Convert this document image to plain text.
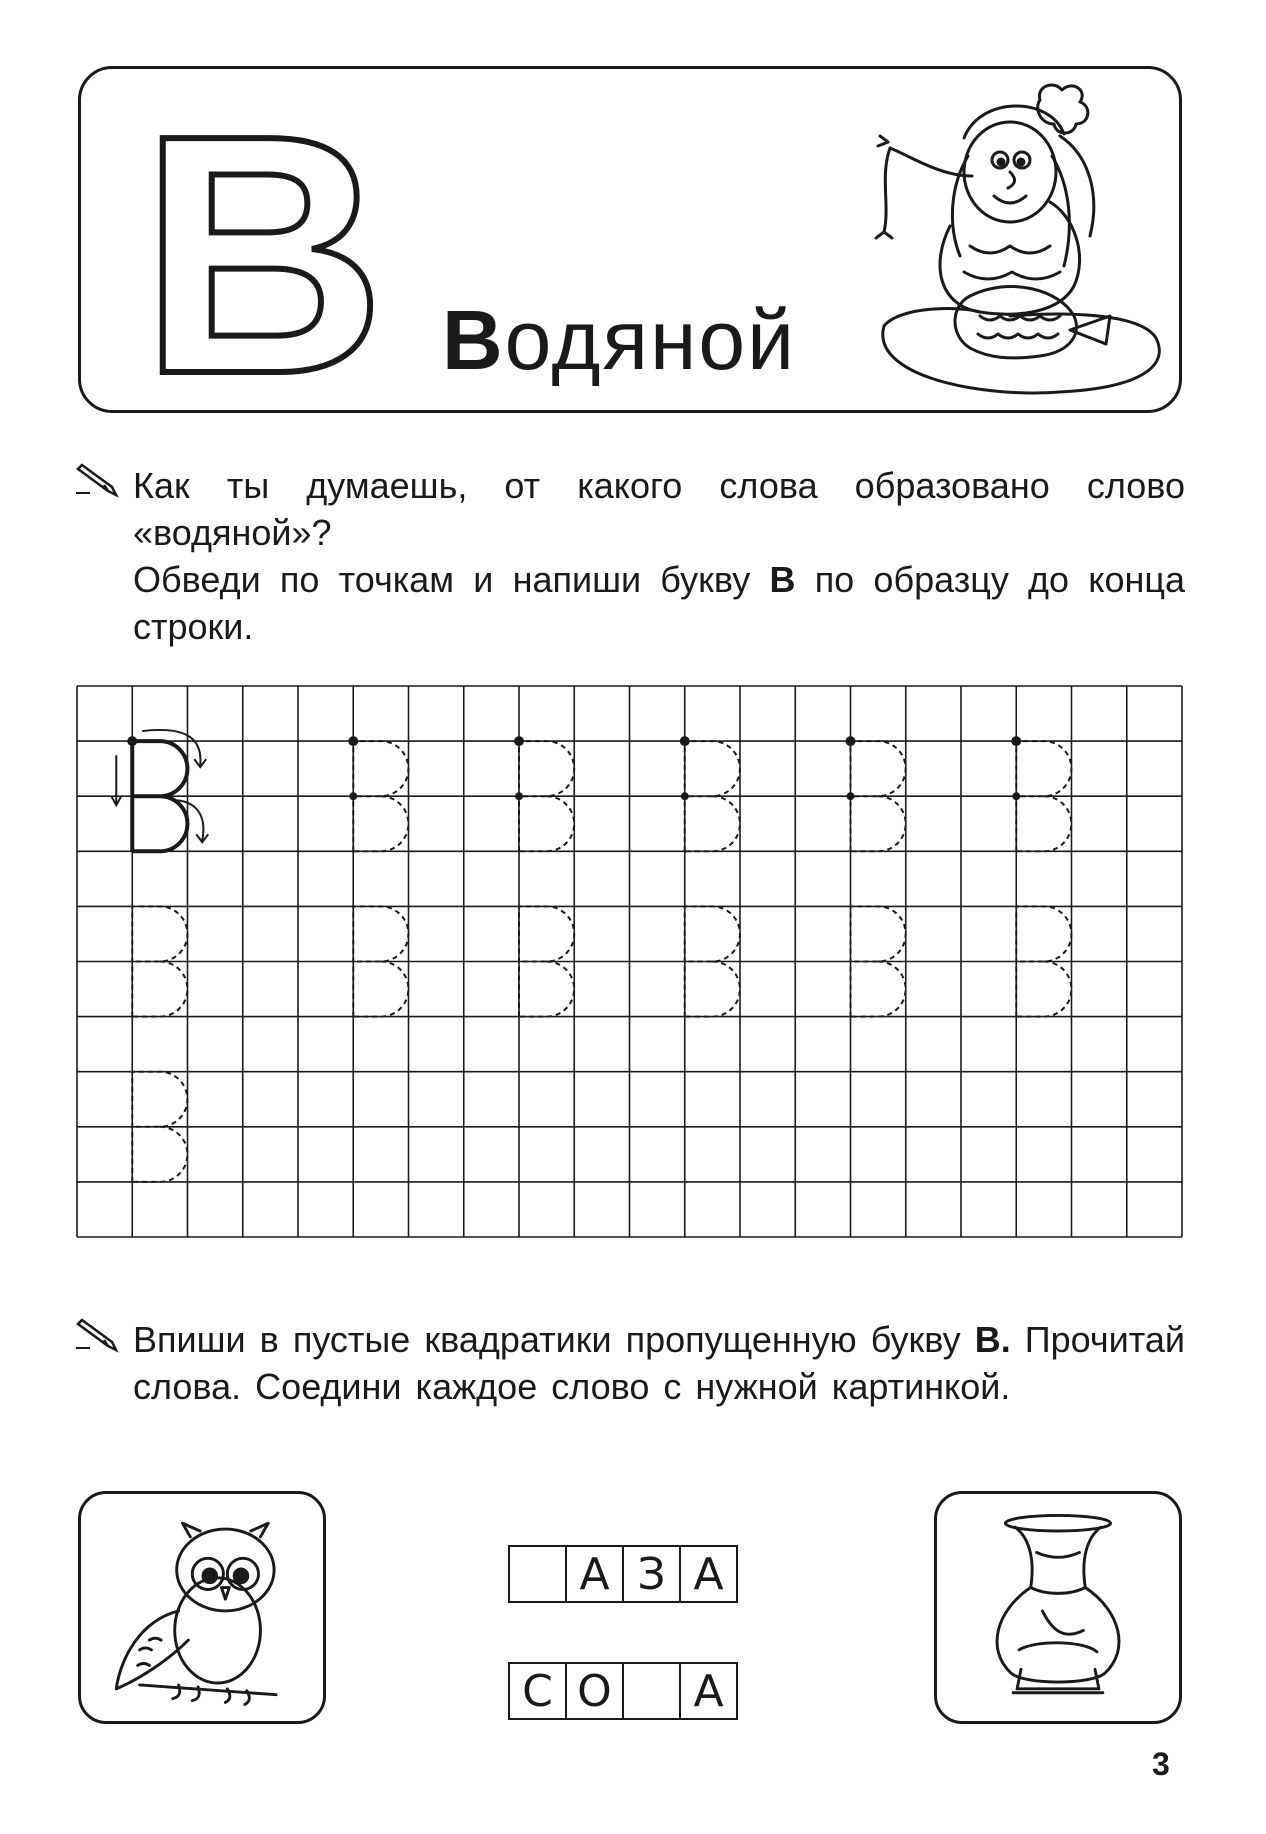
В Водяной

Как ты думаешь, от какого слова образовано слово «водяной»?

Обведи по точкам и напиши букву В по образцу до конца строки.

Впиши в пустые квадратики пропущенную букву В. Прочитай слова. Соедини каждое слово с нужной картинкой.

А З А
С О	А
3
